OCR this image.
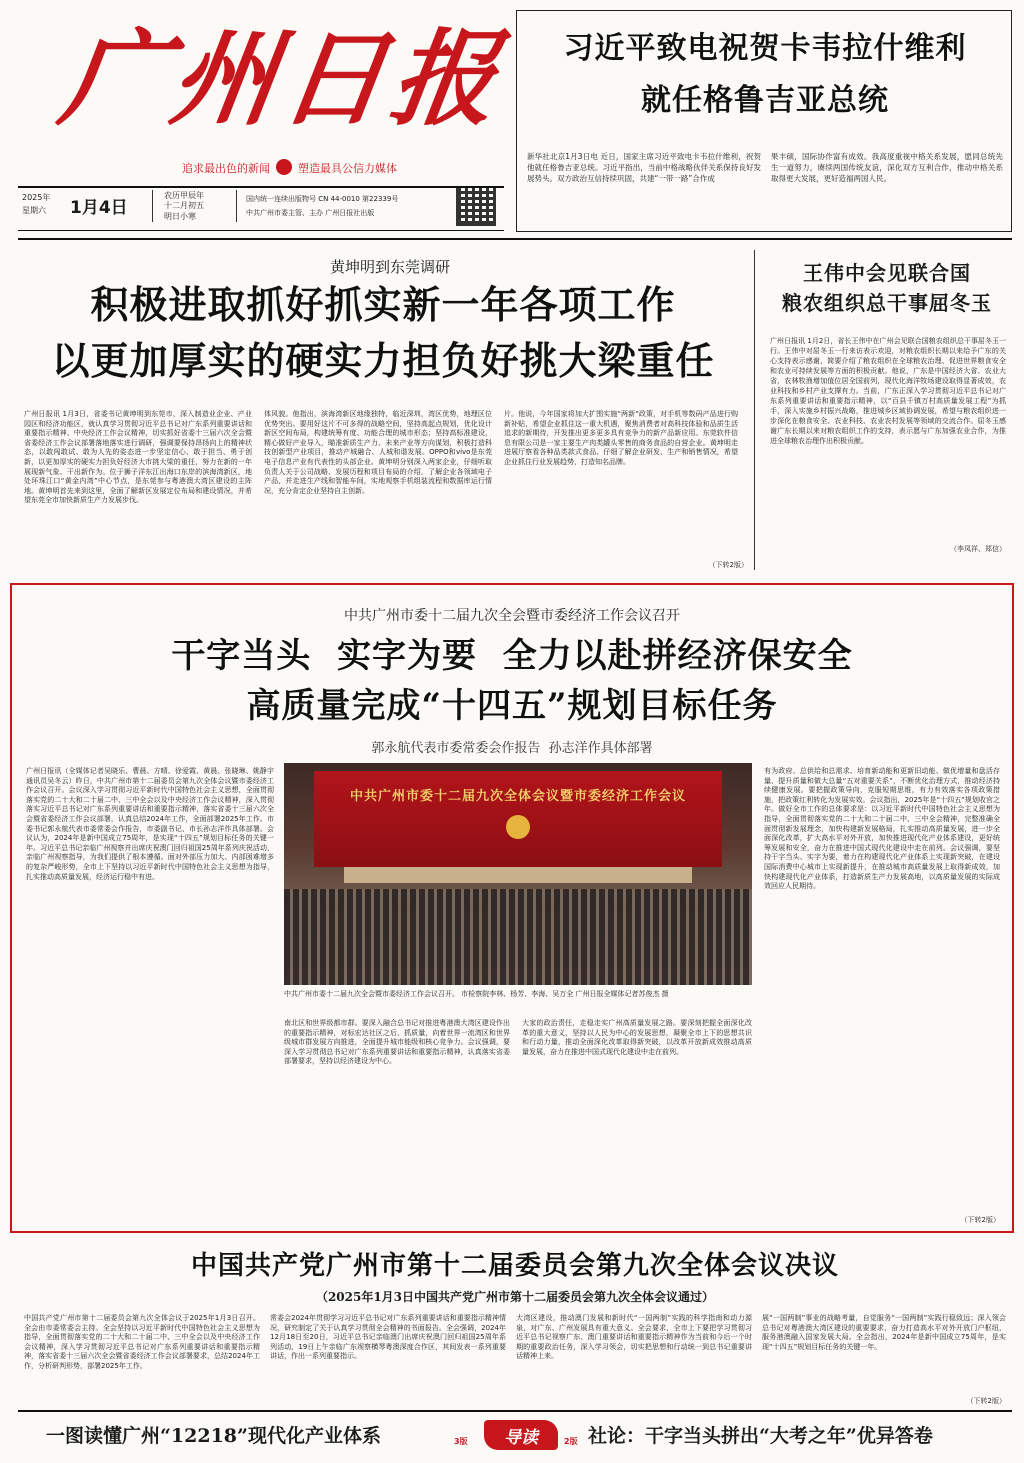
广州日报
追求最出色的新闻	塑造最具公信力媒体
2025年
星期六	1月4日
农历甲辰年
十二月初五
明日小寒
国内统一连续出版物号 CN 44-0010 第22339号
中共广州市委主管、主办 广州日报社出版
习近平致电祝贺卡韦拉什维利
就任格鲁吉亚总统
新华社北京1月3日电 近日，国家主席习近平致电卡韦拉什维利，祝贺他就任格鲁吉亚总统。习近平指出，当前中格战略伙伴关系保持良好发展势头。双方政治互信持续巩固，共建“一带一路”合作成
果丰硕，国际协作富有成效。我高度重视中格关系发展，愿同总统先生一道努力，赓续两国传统友谊，深化双方互利合作，推动中格关系取得更大发展，更好造福两国人民。
黄坤明到东莞调研
积极进取抓好抓实新一年各项工作
以更加厚实的硬实力担负好挑大梁重任
广州日报讯 1月3日，省委书记黄坤明到东莞市，深入制造业企业、产业园区和经济功能区，就认真学习贯彻习近平总书记对广东系列重要讲话和重要指示精神、中央经济工作会议精神，切实抓好省委十三届六次全会暨省委经济工作会议部署落地落实进行调研，强调要保持昂扬向上的精神状态，以敢闯敢试、敢为人先的姿态进一步坚定信心、敢于担当、勇于创新，以更加厚实的硬实力担负好经济大市挑大梁的重任，努力在新的一年展现新气象、干出新作为。位于狮子洋东江出海口东岸的滨海湾新区，地处环珠江口“黄金内湾”中心节点，是东莞参与粤港澳大湾区建设的主阵地。黄坤明首先来到这里，全面了解新区发展定位布局和建设情况，并希望东莞全市加快新质生产力发展步伐。
体风貌。他指出，滨海湾新区地缘独特，临近深圳，湾区优势，地理区位优势突出。要用好这片不可多得的战略空间，坚持高起点规划，优化设计新区空间布局，构建统筹有度、功能合理的城市形态；坚持高标准建设，精心做好产业导入，瞄准新质生产力、未来产业等方向谋划，积极打造科技创新型产业项目，推动产城融合、人城和谐发展。OPPO和vivo是东莞电子信息产业有代表性的头部企业。黄坤明分别深入两家企业，仔细听取负责人关于公司战略、发展历程和项目布局的介绍，了解企业各领域电子产品，并走进生产线和智能车间，实地观察手机组装流程和数据库运行情况，充分肯定企业坚持自主创新。
片。他说，今年国家将加大扩围实施“两新”政策，对手机等数码产品进行购新补贴，希望企业抓住这一重大机遇，聚焦消费者对高科技体验和品质生活追求的新期待，开发推出更多更多具有竞争力的新产品新应用。东莞软件信息有限公司是一家主要生产肉类罐头零售的商务食品的自营企业。黄坤明走进展厅察看各种品类款式食品、仔细了解企业研发、生产和销售情况，希望企业抓住行业发展趋势，打造知名品牌。
（下转2版）
王伟中会见联合国
粮农组织总干事屈冬玉
广州日报讯 1月2日，省长王伟中在广州会见联合国粮农组织总干事屈冬玉一行。王伟中对屈冬玉一行来访表示欢迎，对粮农组织长期以来给予广东的关心支持表示感谢，简要介绍了粮农组织在全球粮农治理、促进世界粮食安全和农业可持续发展等方面的积极贡献。他说，广东是中国经济大省、农业大省，农林牧渔增加值位居全国前列，现代化海洋牧场建设取得显著成效，农业科技和乡村产业支撑有力。当前，广东正深入学习贯彻习近平总书记对广东系列重要讲话和重要指示精神，以“百县千镇万村高质量发展工程”为抓手，深入实施乡村振兴战略，推进城乡区域协调发展，希望与粮农组织进一步深化在粮食安全、农业科技、农业农村发展等领域的交流合作。屈冬玉感谢广东长期以来对粮农组织工作的支持，表示愿与广东加强农业合作，为推进全球粮农治理作出积极贡献。
（李凤祥、郑信）
中共广州市委十二届九次全会暨市委经济工作会议召开
干字当头  实字为要  全力以赴拼经济保安全
高质量完成“十四五”规划目标任务
郭永航代表市委常委会作报告  孙志洋作具体部署
广州日报讯（全媒体记者吴晓乐、曹晨、方晴、徐爱霞、黄晨、张晓琳、姚静宇 通讯员吴冬云）昨日，中共广州市第十二届委员会第九次全体会议暨市委经济工作会议召开。会议深入学习贯彻习近平新时代中国特色社会主义思想，全面贯彻落实党的二十大和二十届二中、三中全会以及中央经济工作会议精神，深入贯彻落实习近平总书记对广东系列重要讲话和重要指示精神，落实省委十三届六次全会暨省委经济工作会议部署，认真总结2024年工作，全面部署2025年工作。市委书记郭永航代表市委常委会作报告，市委副书记、市长孙志洋作具体部署。会议认为，2024年是新中国成立75周年，是实现“十四五”规划目标任务的关键一年。习近平总书记亲临广州视察并出席庆祝澳门回归祖国25周年系列庆祝活动，亲临广州视察指导，为我们提供了根本遵循。面对外部压力加大、内部困难增多的复杂严峻形势，全市上下坚持以习近平新时代中国特色社会主义思想为指导，扎实推动高质量发展，经济运行稳中有进。
中共广州市委十二届九次全体会议暨市委经济工作会议
中共广州市委十二届九次全会暨市委经济工作会议召开。 市检察院李林、杨芳、李海、吴万全 广州日报全媒体记者苏俊杰 摄
南北区和世界级都市群。要深入融合总书记对推进粤港澳大湾区建设作出的重要指示精神，对标宏达社区之后、抓质量，向着世界一流湾区和世界级城市群发展方向推进，全面提升城市能级和核心竞争力。会议强调，要深入学习贯彻总书记对广东系列重要讲话和重要指示精神，认真落实省委部署要求，坚持以经济建设为中心。
大家的政治责任，走稳走实广州高质量发展之路。要深刻把握全面深化改革的重大意义，坚持以人民为中心的发展思想，凝聚全市上下的思想共识和行动力量，推动全面深化改革取得新突破，以改革开放新成效推动高质量发展，奋力在推进中国式现代化建设中走在前列。
有为政府、总供给和总需求、培育新动能和更新旧动能、做优增量和盘活存量、提升质量和做大总量“五对重要关系”，不断优化治理方式，推动经济持续健康发展。要把握政策导向，克服短期思维，有力有效落实各项政策措施，把政策红利转化为发展实效。会议指出，2025年是“十四五”规划收官之年。做好全市工作的总体要求是：以习近平新时代中国特色社会主义思想为指导，全面贯彻落实党的二十大和二十届二中、三中全会精神，完整准确全面贯彻新发展理念，加快构建新发展格局，扎实推动高质量发展，进一步全面深化改革，扩大高水平对外开放，加快推进现代化产业体系建设，更好统筹发展和安全，奋力在推进中国式现代化建设中走在前列。会议强调，要坚持干字当头、实字为要，着力在构建现代化产业体系上实现新突破，在建设国际消费中心城市上实现新提升，在推动城市高质量发展上取得新成效，加快构建现代化产业体系，打造新质生产力发展高地，以高质量发展的实际成效回应人民期待。
（下转2版）
中国共产党广州市第十二届委员会第九次全体会议决议
（2025年1月3日中国共产党广州市第十二届委员会第九次全体会议通过）
中国共产党广州市第十二届委员会第九次全体会议于2025年1月3日召开。全会由市委常委会主持。全会坚持以习近平新时代中国特色社会主义思想为指导，全面贯彻落实党的二十大和二十届二中、三中全会以及中央经济工作会议精神，深入学习贯彻习近平总书记对广东系列重要讲话和重要指示精神，落实省委十三届六次全会暨省委经济工作会议部署要求，总结2024年工作，分析研判形势，部署2025年工作。
常委会2024年贯彻学习习近平总书记对广东系列重要讲话和重要指示精神情况，研究制定了关于认真学习贯彻全会精神的书面报告。全会强调，2024年12月18日至20日，习近平总书记亲临澳门出席庆祝澳门回归祖国25周年系列活动，19日上午亲临广东视察横琴粤澳深度合作区，其间发表一系列重要讲话，作出一系列重要指示。
大湾区建设，推动澳门发展和新时代“一国两制”实践的科学指南和动力源泉，对广东、广州发展具有重大意义。全会要求，全市上下要把学习贯彻习近平总书记视察广东、澳门重要讲话和重要指示精神作为当前和今后一个时期的重要政治任务，深入学习领会，切实把思想和行动统一到总书记重要讲话精神上来。
展“一国两制”事业的战略考量，自觉服务“一国两制”实践行稳致远；深入领会总书记对粤港澳大湾区建设的重要要求，奋力打造高水平对外开放门户枢纽，服务港澳融入国家发展大局。全会指出，2024年是新中国成立75周年，是实现“十四五”规划目标任务的关键一年。
（下转2版）
一图读懂广州“12218”现代化产业体系	3版	导读	2版 社论：干字当头拼出“大考之年”优异答卷
